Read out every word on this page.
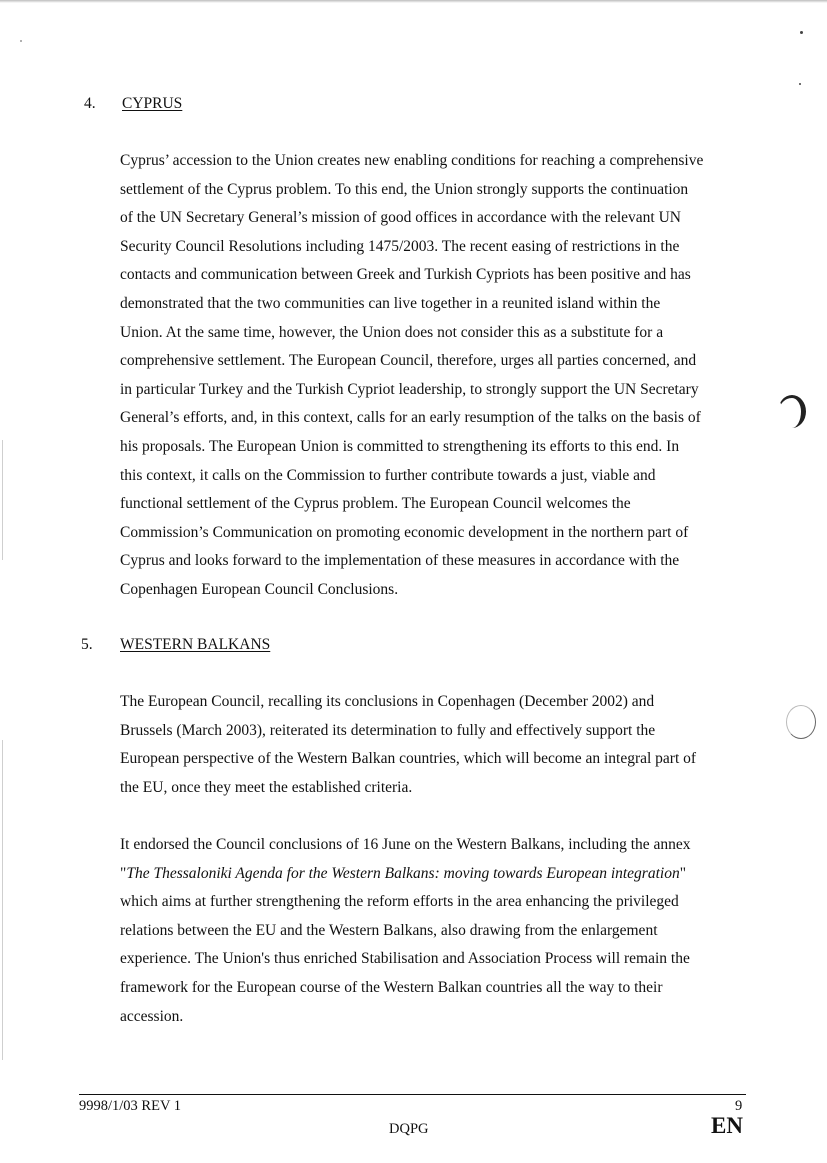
4. CYPRUS
Cyprus’ accession to the Union creates new enabling conditions for reaching a comprehensive
settlement of the Cyprus problem. To this end, the Union strongly supports the continuation
of the UN Secretary General’s mission of good offices in accordance with the relevant UN
Security Council Resolutions including 1475/2003. The recent easing of restrictions in the
contacts and communication between Greek and Turkish Cypriots has been positive and has
demonstrated that the two communities can live together in a reunited island within the
Union. At the same time, however, the Union does not consider this as a substitute for a
comprehensive settlement. The European Council, therefore, urges all parties concerned, and
in particular Turkey and the Turkish Cypriot leadership, to strongly support the UN Secretary
General’s efforts, and, in this context, calls for an early resumption of the talks on the basis of
his proposals. The European Union is committed to strengthening its efforts to this end. In
this context, it calls on the Commission to further contribute towards a just, viable and
functional settlement of the Cyprus problem. The European Council welcomes the
Commission’s Communication on promoting economic development in the northern part of
Cyprus and looks forward to the implementation of these measures in accordance with the
Copenhagen European Council Conclusions.
5. WESTERN BALKANS
The European Council, recalling its conclusions in Copenhagen (December 2002) and
Brussels (March 2003), reiterated its determination to fully and effectively support the
European perspective of the Western Balkan countries, which will become an integral part of
the EU, once they meet the established criteria.
It endorsed the Council conclusions of 16 June on the Western Balkans, including the annex
"The Thessaloniki Agenda for the Western Balkans: moving towards European integration"
which aims at further strengthening the reform efforts in the area enhancing the privileged
relations between the EU and the Western Balkans, also drawing from the enlargement
experience. The Union's thus enriched Stabilisation and Association Process will remain the
framework for the European course of the Western Balkan countries all the way to their
accession.
9998/1/03 REV 1	9
DQPG	EN
